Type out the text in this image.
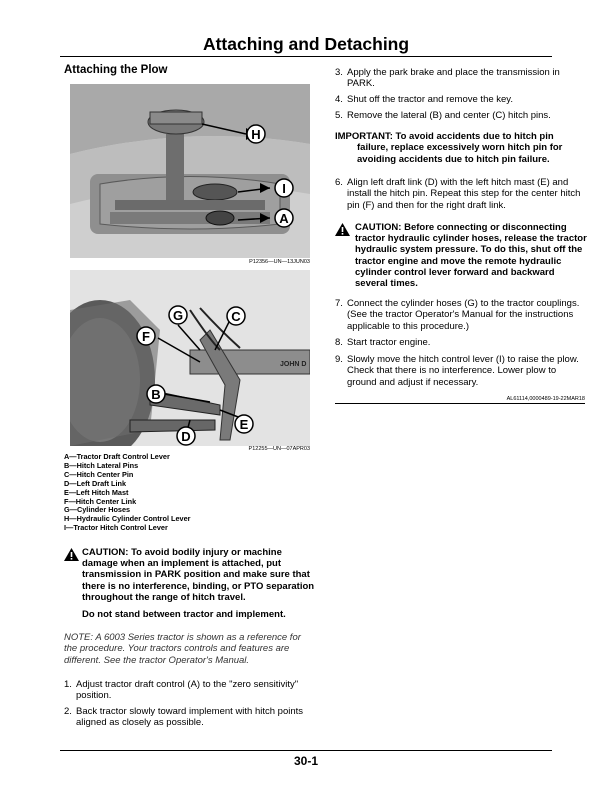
Attaching and Detaching
Attaching the Plow
H
I
A
P12356—UN—13JUN03
JOHN D
G	C
F
B
E
D
P12255—UN—07APR03
A—Tractor Draft Control Lever
B—Hitch Lateral Pins
C—Hitch Center Pin
D—Left Draft Link
E—Left Hitch Mast
F—Hitch Center Link
G—Cylinder Hoses
H—Hydraulic Cylinder Control Lever
I—Tractor Hitch Control Lever
CAUTION: To avoid bodily injury or machine damage when an implement is attached, put transmission in PARK position and make sure that there is no interference, binding, or PTO separation throughout the range of hitch travel.
Do not stand between tractor and implement.
NOTE: A 6003 Series tractor is shown as a reference for the procedure. Your tractors controls and features are different. See the tractor Operator's Manual.
1. Adjust tractor draft control (A) to the "zero sensitivity" position.
2. Back tractor slowly toward implement with hitch points aligned as closely as possible.
3. Apply the park brake and place the transmission in PARK.
4. Shut off the tractor and remove the key.
5. Remove the lateral (B) and center (C) hitch pins.
IMPORTANT: To avoid accidents due to hitch pin failure, replace excessively worn hitch pin for avoiding accidents due to hitch pin failure.
6. Align left draft link (D) with the left hitch mast (E) and install the hitch pin. Repeat this step for the center hitch pin (F) and then for the right draft link.
CAUTION: Before connecting or disconnecting tractor hydraulic cylinder hoses, release the tractor hydraulic system pressure. To do this, shut off the tractor engine and move the remote hydraulic cylinder control lever forward and backward several times.
7. Connect the cylinder hoses (G) to the tractor couplings. (See the tractor Operator's Manual for the instructions applicable to this procedure.)
8. Start tractor engine.
9. Slowly move the hitch control lever (I) to raise the plow. Check that there is no interference. Lower plow to ground and adjust if necessary.
AL61114,0000489-19-22MAR18
30-1
